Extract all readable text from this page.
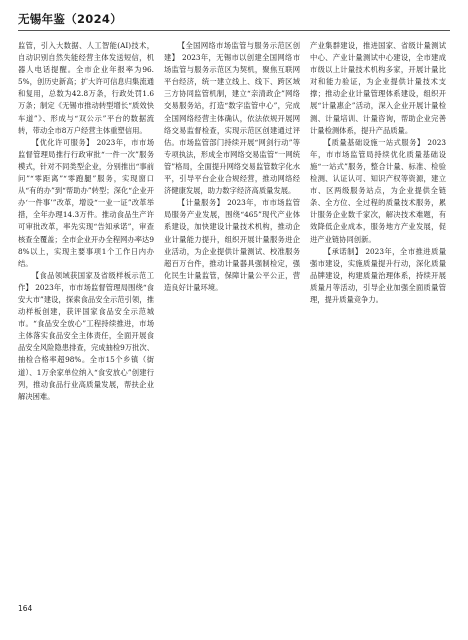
无锡年鉴（2024）

监管，引入大数据、人工智能(AI)技术，自动识别自然失能经营主体发送短信，机器人电话提醒。全市企业年报率为96.5%，创历史新高；扩大许可信息归集流通和复用，总数为42.8万条，行政处罚1.6万条；制定《无锡市推动转型增长“质效快车道”》、形成与“双公示”平台的数据流转，带动全市8万户经营主体重塑信用。

【优化许可服务】 2023年，市市场监督管理局推行行政审批“一件一次”服务模式，针对不同类型企业，分别推出“事前问”“零距离”“零跑腿”服务，实现窗口从“有的办”到“帮助办”转型；深化“企业开办‘一件事’”改革，增设“一业一证”改革举措，全年办理14.3万件。推动食品生产许可审批改革，率先实现“告知承诺”，审查核查全覆盖；全市企业开办全程网办率达98%以上，实现主要事项1个工作日内办结。

【食品领域获国家及省级样板示范工作】 2023年，市市场监督管理局围绕“食安大市”建设，探索食品安全示范引领，推动样板创建，获评国家食品安全示范城市。“食品安全放心”工程持续推进，市场主体落实食品安全主体责任，全面开展食品安全风险隐患排查，完成抽检9万批次、抽检合格率超98%。全市15个乡镇（街道）、1万余家单位纳入“食安放心”创建行列，推动食品行业高质量发展，帮扶企业解决困难。

【全国网络市场监管与服务示范区创建】 2023年，无锡市以创建全国网络市场监管与服务示范区为契机，聚焦互联网平台经济，统一建立线上、线下、跨区域三方协同监管机制，建立“亲清政企”网络交易服务站，打造“数字监管中心”，完成全国网络经营主体确认，依法依规开展网络交易监督检查，实现示范区创建通过评估。市场监管部门持续开展“网剑行动”等专项执法，形成全市网络交易监管“一网统管”格局，全面提升网络交易监管数字化水平，引导平台企业合规经营，推动网络经济健康发展，助力数字经济高质量发展。

【计量服务】 2023年，市市场监管局服务产业发展，围绕“465”现代产业体系建设，加快建设计量技术机构，推动企业计量能力提升，组织开展计量服务进企业活动，为企业提供计量测试、校准服务超百万台件，推动计量器具强制检定，强化民生计量监管，保障计量公平公正，营造良好计量环境。

产业集群建设，推进国家、省级计量测试中心、产业计量测试中心建设，全市建成市级以上计量技术机构多家，开展计量比对和能力验证，为企业提供计量技术支撑；推动企业计量管理体系建设，组织开展“计量惠企”活动，深入企业开展计量检测、计量培训、计量咨询，帮助企业完善计量检测体系，提升产品质量。

【质量基础设施一站式服务】 2023年，市市场监管局持续优化质量基础设施“一站式”服务，整合计量、标准、检验检测、认证认可、知识产权等资源，建立市、区两级服务站点，为企业提供全链条、全方位、全过程的质量技术服务，累计服务企业数千家次，解决技术难题，有效降低企业成本，服务地方产业发展，促进产业链协同创新。

【承诺制】 2023年，全市推进质量强市建设，实施质量提升行动，深化质量品牌建设，构建质量治理体系，持续开展质量月等活动，引导企业加强全面质量管理，提升质量竞争力。

164
